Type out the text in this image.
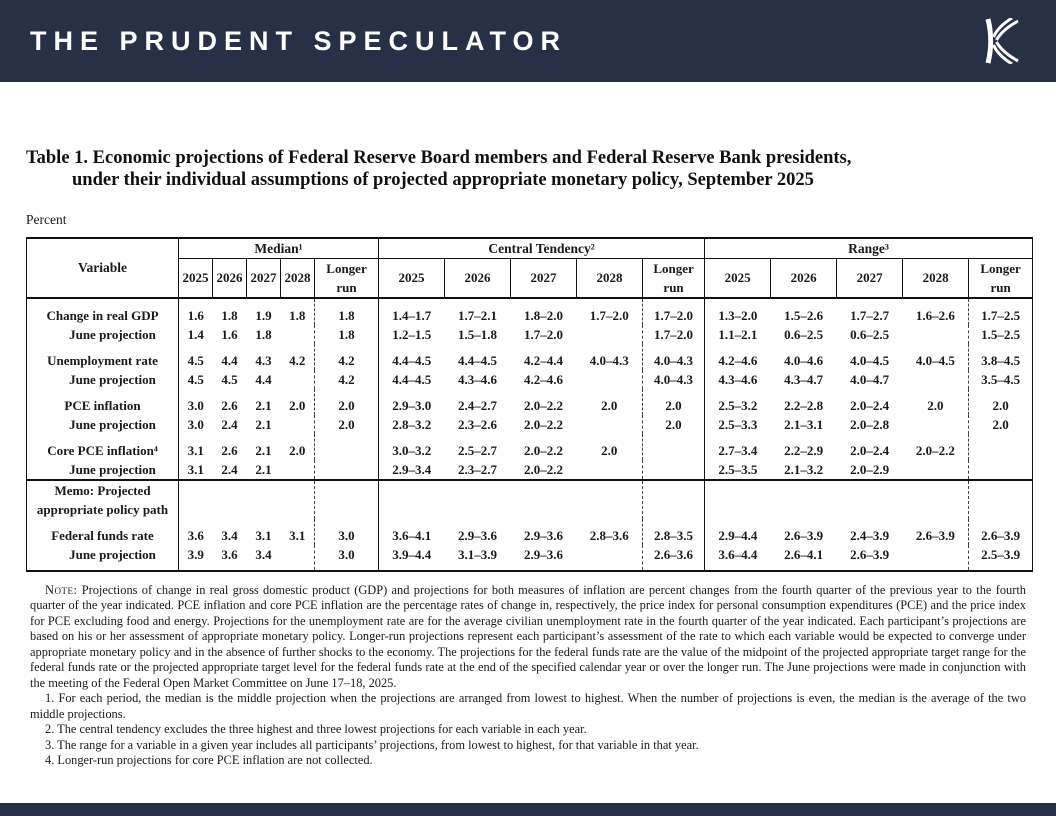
THE PRUDENT SPECULATOR
Table 1. Economic projections of Federal Reserve Board members and Federal Reserve Bank presidents,
under their individual assumptions of projected appropriate monetary policy, September 2025
Percent
Variable	Median¹					Central Tendency²					Range³				
	2025	2026	2027	2028	Longer run	2025	2026	2027	2028	Longer run	2025	2026	2027	2028	Longer run
Change in real GDP	1.6	1.8	1.9	1.8	1.8	1.4–1.7	1.7–2.1	1.8–2.0	1.7–2.0	1.7–2.0	1.3–2.0	1.5–2.6	1.7–2.7	1.6–2.6	1.7–2.5
June projection	1.4	1.6	1.8		1.8	1.2–1.5	1.5–1.8	1.7–2.0		1.7–2.0	1.1–2.1	0.6–2.5	0.6–2.5		1.5–2.5
Unemployment rate	4.5	4.4	4.3	4.2	4.2	4.4–4.5	4.4–4.5	4.2–4.4	4.0–4.3	4.0–4.3	4.2–4.6	4.0–4.6	4.0–4.5	4.0–4.5	3.8–4.5
June projection	4.5	4.5	4.4		4.2	4.4–4.5	4.3–4.6	4.2–4.6		4.0–4.3	4.3–4.6	4.3–4.7	4.0–4.7		3.5–4.5
PCE inflation	3.0	2.6	2.1	2.0	2.0	2.9–3.0	2.4–2.7	2.0–2.2	2.0	2.0	2.5–3.2	2.2–2.8	2.0–2.4	2.0	2.0
June projection	3.0	2.4	2.1		2.0	2.8–3.2	2.3–2.6	2.0–2.2		2.0	2.5–3.3	2.1–3.1	2.0–2.8		2.0
Core PCE inflation⁴	3.1	2.6	2.1	2.0		3.0–3.2	2.5–2.7	2.0–2.2	2.0		2.7–3.4	2.2–2.9	2.0–2.4	2.0–2.2	
June projection	3.1	2.4	2.1			2.9–3.4	2.3–2.7	2.0–2.2			2.5–3.5	2.1–3.2	2.0–2.9		
Memo: Projected appropriate policy path															
Federal funds rate	3.6	3.4	3.1	3.1	3.0	3.6–4.1	2.9–3.6	2.9–3.6	2.8–3.6	2.8–3.5	2.9–4.4	2.6–3.9	2.4–3.9	2.6–3.9	2.6–3.9
June projection	3.9	3.6	3.4		3.0	3.9–4.4	3.1–3.9	2.9–3.6		2.6–3.6	3.6–4.4	2.6–4.1	2.6–3.9		2.5–3.9

Note: Projections of change in real gross domestic product (GDP) and projections for both measures of inflation are percent changes from the fourth quarter of the previous year to the fourth quarter of the year indicated. PCE inflation and core PCE inflation are the percentage rates of change in, respectively, the price index for personal consumption expenditures (PCE) and the price index for PCE excluding food and energy. Projections for the unemployment rate are for the average civilian unemployment rate in the fourth quarter of the year indicated. Each participant’s projections are based on his or her assessment of appropriate monetary policy. Longer-run projections represent each participant’s assessment of the rate to which each variable would be expected to converge under appropriate monetary policy and in the absence of further shocks to the economy. The projections for the federal funds rate are the value of the midpoint of the projected appropriate target range for the federal funds rate or the projected appropriate target level for the federal funds rate at the end of the specified calendar year or over the longer run. The June projections were made in conjunction with the meeting of the Federal Open Market Committee on June 17–18, 2025.

1. For each period, the median is the middle projection when the projections are arranged from lowest to highest. When the number of projections is even, the median is the average of the two middle projections.

2. The central tendency excludes the three highest and three lowest projections for each variable in each year.

3. The range for a variable in a given year includes all participants’ projections, from lowest to highest, for that variable in that year.

4. Longer-run projections for core PCE inflation are not collected.
